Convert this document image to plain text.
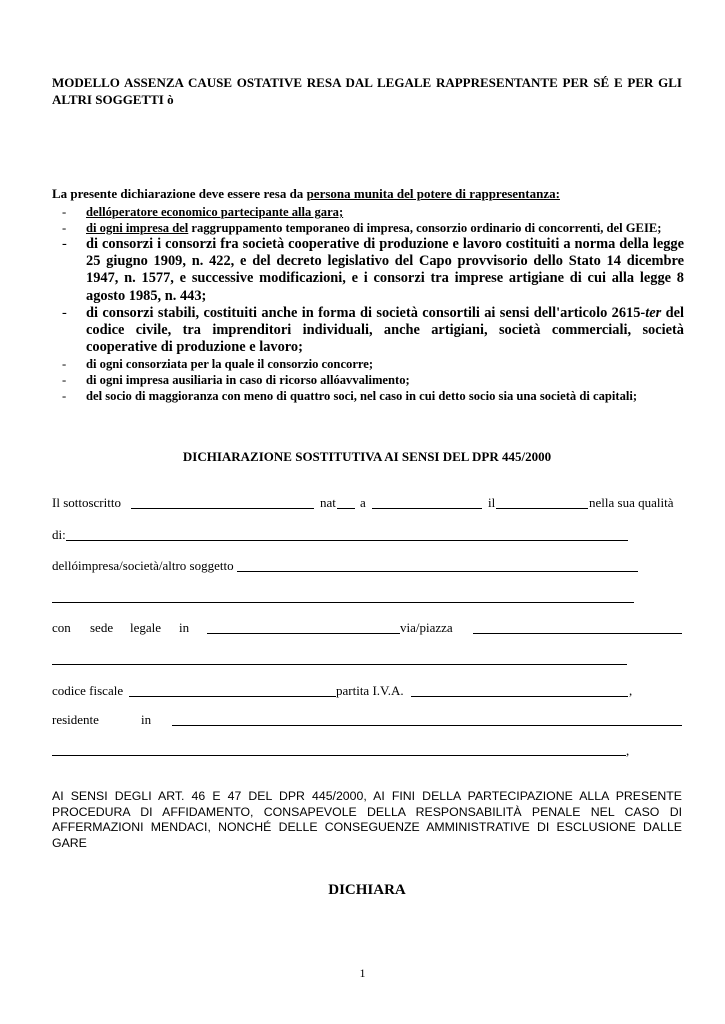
MODELLO ASSENZA CAUSE OSTATIVE RESA DAL LEGALE RAPPRESENTANTE PER SÉ E PER GLI ALTRI SOGGETTI ò
La presente dichiarazione deve essere resa da persona munita del potere di rappresentanza:
- dellóperatore economico partecipante alla gara;
- di ogni impresa del raggruppamento temporaneo di impresa, consorzio ordinario di concorrenti, del GEIE;
- di consorzi i consorzi fra società cooperative di produzione e lavoro costituiti a norma della legge 25 giugno 1909, n. 422, e del decreto legislativo del Capo provvisorio dello Stato 14 dicembre 1947, n. 1577, e successive modificazioni, e i consorzi tra imprese artigiane di cui alla legge 8 agosto 1985, n. 443;
- di consorzi stabili, costituiti anche in forma di società consortili ai sensi dell'articolo 2615-ter del codice civile, tra imprenditori individuali, anche artigiani, società commerciali, società cooperative di produzione e lavoro;
- di ogni consorziata per la quale il consorzio concorre;
- di ogni impresa ausiliaria in caso di ricorso allóavvalimento;
- del socio di maggioranza con meno di quattro soci, nel caso in cui detto socio sia una società di capitali;
DICHIARAZIONE SOSTITUTIVA AI SENSI DEL DPR 445/2000
Il sottoscritto	nat a	il	nella sua qualità
di:
dellóimpresa/società/altro soggetto
con sede legale in	via/piazza
codice fiscale	partita I.V.A.	,
residente	in
,
AI SENSI DEGLI ART. 46 E 47 DEL DPR 445/2000, AI FINI DELLA PARTECIPAZIONE ALLA PRESENTE PROCEDURA DI AFFIDAMENTO, CONSAPEVOLE DELLA RESPONSABILITÀ PENALE NEL CASO DI AFFERMAZIONI MENDACI, NONCHÉ DELLE CONSEGUENZE AMMINISTRATIVE DI ESCLUSIONE DALLE GARE
DICHIARA
1
